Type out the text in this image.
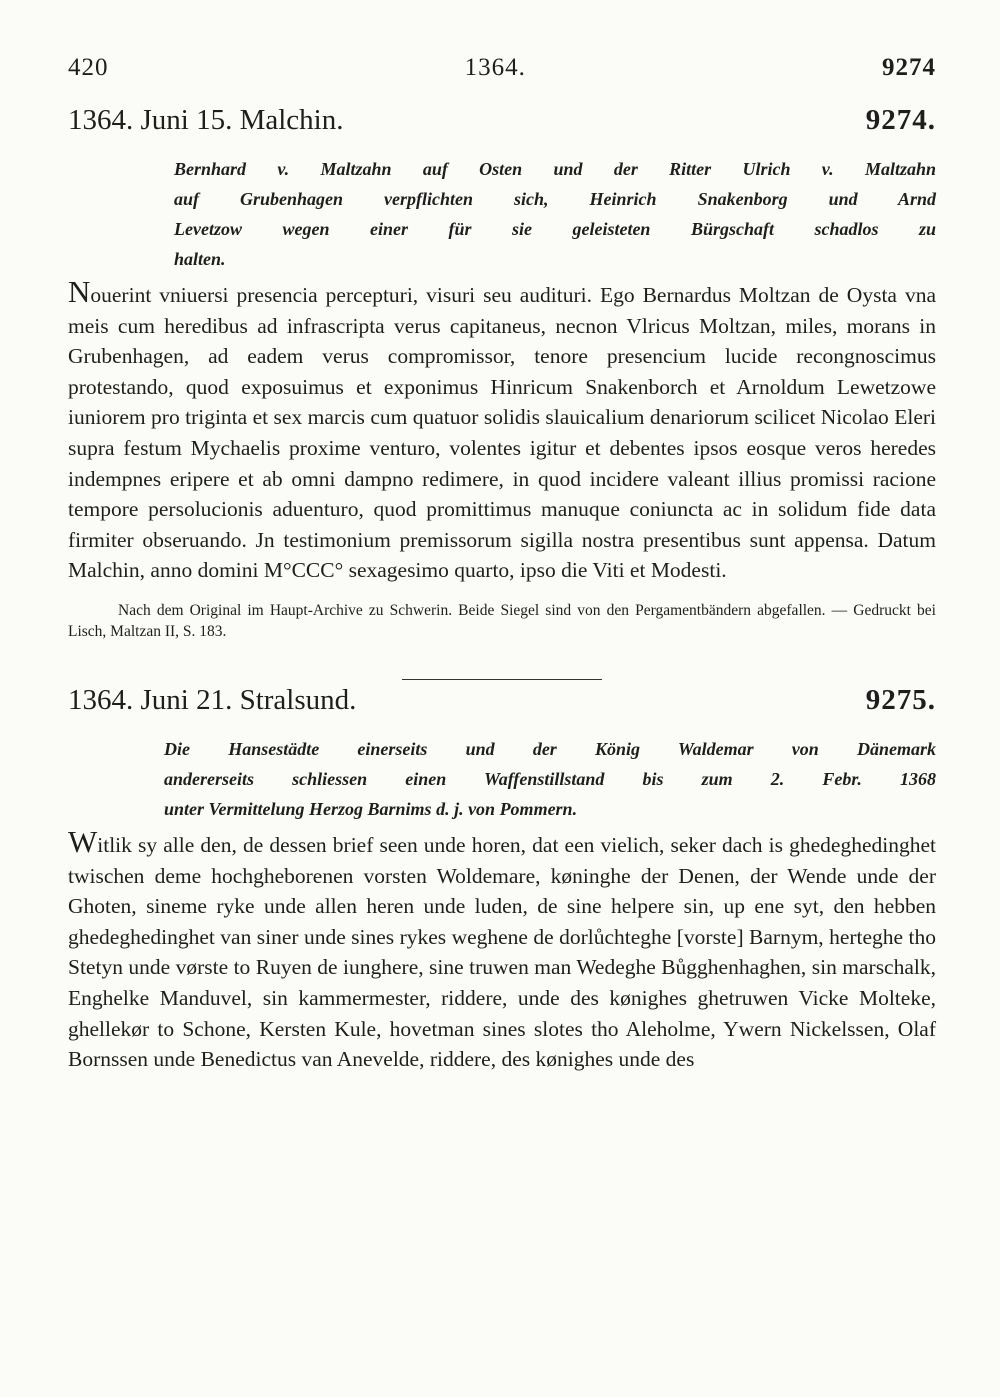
420	1364.	9274
1364. Juni 15. Malchin.	9274.
Bernhard v. Maltzahn auf Osten und der Ritter Ulrich v. Maltzahn
auf Grubenhagen verpflichten sich, Heinrich Snakenborg und Arnd
Levetzow wegen einer für sie geleisteten Bürgschaft schadlos zu
halten.
Nouerint vniuersi presencia percepturi, visuri seu audituri. Ego Bernardus Moltzan de Oysta vna meis cum heredibus ad infrascripta verus capitaneus, necnon Vlricus Moltzan, miles, morans in Grubenhagen, ad eadem verus compromissor, tenore presencium lucide recongnoscimus protestando, quod exposuimus et exponimus Hinricum Snakenborch et Arnoldum Lewetzowe iuniorem pro triginta et sex marcis cum quatuor solidis slauicalium denariorum scilicet Nicolao Eleri supra festum Mychaelis proxime venturo, volentes igitur et debentes ipsos eosque veros heredes indempnes eripere et ab omni dampno redimere, in quod incidere valeant illius promissi racione tempore persolucionis aduenturo, quod promittimus manuque coniuncta ac in solidum fide data firmiter obseruando. Jn testimonium premissorum sigilla nostra presentibus sunt appensa. Datum Malchin, anno domini M°CCC° sexagesimo quarto, ipso die Viti et Modesti.
Nach dem Original im Haupt-Archive zu Schwerin. Beide Siegel sind von den Pergamentbändern abgefallen. — Gedruckt bei Lisch, Maltzan II, S. 183.
1364. Juni 21. Stralsund.	9275.
Die Hansestädte einerseits und der König Waldemar von Dänemark
andererseits schliessen einen Waffenstillstand bis zum 2. Febr. 1368
unter Vermittelung Herzog Barnims d. j. von Pommern.
Witlik sy alle den, de dessen brief seen unde horen, dat een vielich, seker dach is ghedeghedinghet twischen deme hochgheborenen vorsten Woldemare, køninghe der Denen, der Wende unde der Ghoten, sineme ryke unde allen heren unde luden, de sine helpere sin, up ene syt, den hebben ghedeghedinghet van siner unde sines rykes weghene de dorlůchteghe [vorste] Barnym, herteghe tho Stetyn unde vørste to Ruyen de iunghere, sine truwen man Wedeghe Bůgghenhaghen, sin marschalk, Enghelke Manduvel, sin kammermester, riddere, unde des kønighes ghetruwen Vicke Molteke, ghellekør to Schone, Kersten Kule, hovetman sines slotes tho Aleholme, Ywern Nickelssen, Olaf Bornssen unde Benedictus van Anevelde, riddere, des kønighes unde des
